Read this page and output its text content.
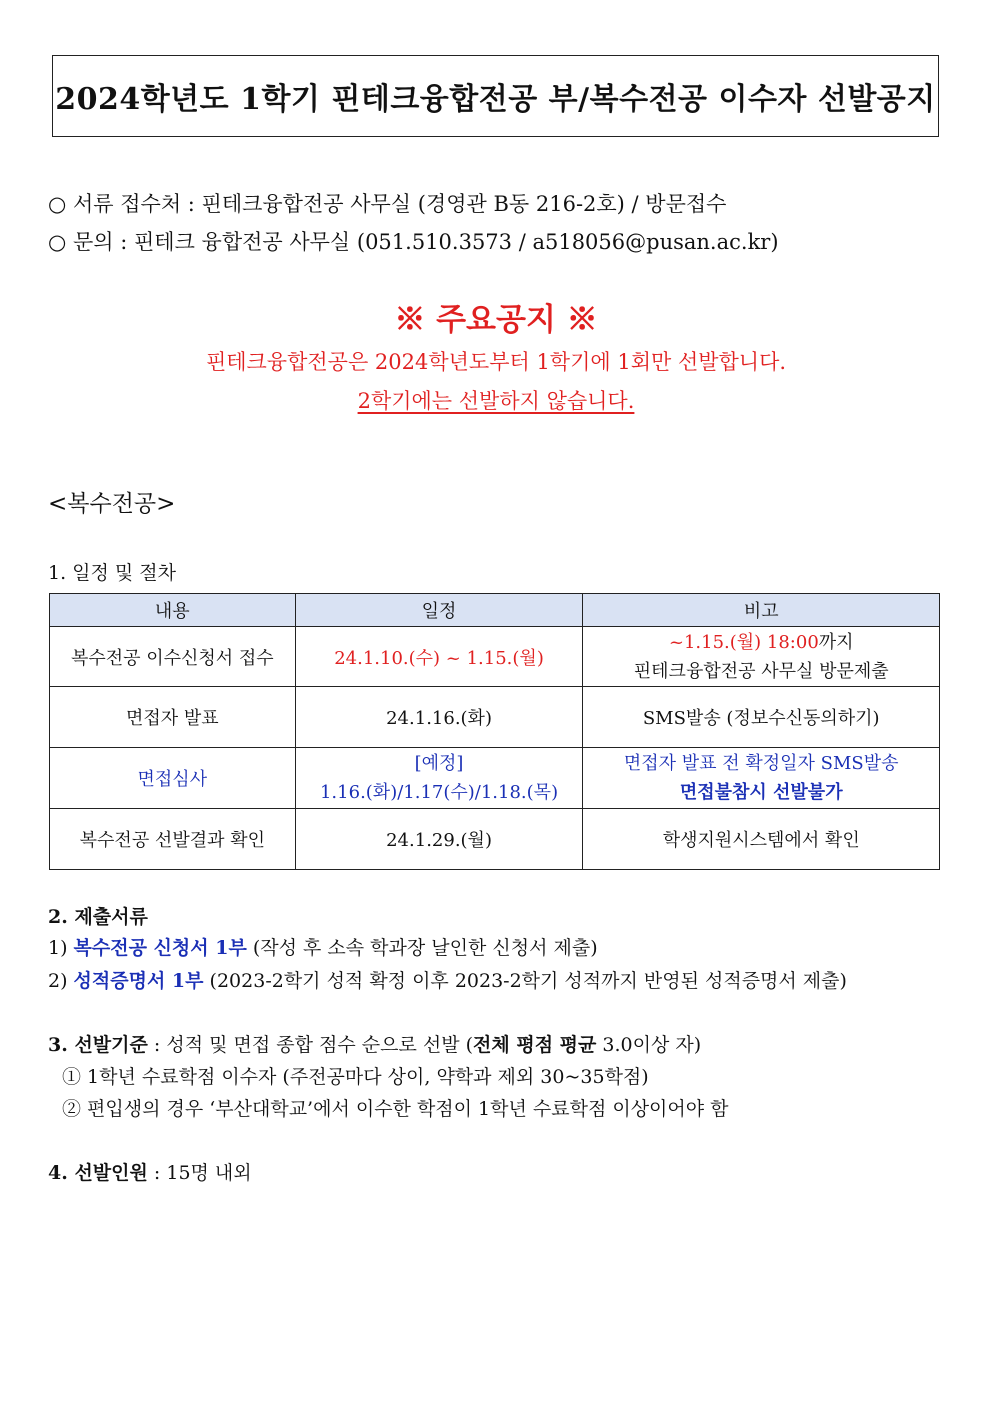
2024학년도 1학기 핀테크융합전공 부/복수전공 이수자 선발공지
○ 서류 접수처 : 핀테크융합전공 사무실 (경영관 B동 216-2호) / 방문접수
○ 문의 : 핀테크 융합전공 사무실 (051.510.3573 / a518056@pusan.ac.kr)
※ 주요공지 ※
핀테크융합전공은 2024학년도부터 1학기에 1회만 선발합니다.
2학기에는 선발하지 않습니다.
<복수전공>
1. 일정 및 절차
내용	일정	비고
복수전공 이수신청서 접수	24.1.10.(수) ~ 1.15.(월)	~1.15.(월) 18:00까지
핀테크융합전공 사무실 방문제출

면접자 발표	24.1.16.(화)	SMS발송 (정보수신동의하기)
면접심사	[예정]
1.16.(화)/1.17(수)/1.18.(목)	면접자 발표 전 확정일자 SMS발송
면접불참시 선발불가

복수전공 선발결과 확인	24.1.29.(월)	학생지원시스템에서 확인
2. 제출서류
1) 복수전공 신청서 1부 (작성 후 소속 학과장 날인한 신청서 제출)
2) 성적증명서 1부 (2023-2학기 성적 확정 이후 2023-2학기 성적까지 반영된 성적증명서 제출)
3. 선발기준 : 성적 및 면접 종합 점수 순으로 선발 (전체 평점 평균 3.0이상 자)
① 1학년 수료학점 이수자 (주전공마다 상이, 약학과 제외 30~35학점)
② 편입생의 경우 ‘부산대학교’에서 이수한 학점이 1학년 수료학점 이상이어야 함
4. 선발인원 : 15명 내외
